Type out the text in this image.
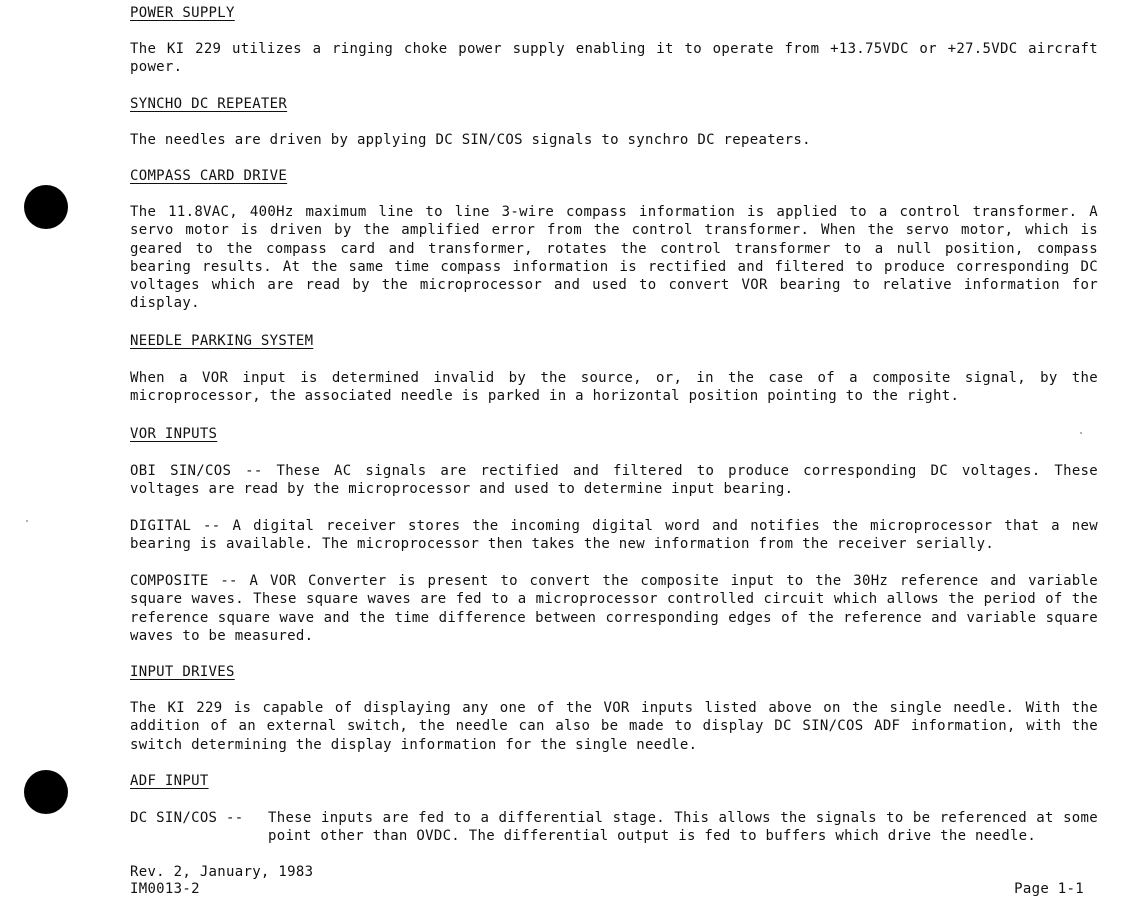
POWER SUPPLY
The KI 229 utilizes a ringing choke power supply enabling it to operate from +13.75VDC or +27.5VDC aircraft power.
SYNCHO DC REPEATER
The needles are driven by applying DC SIN/COS signals to synchro DC repeaters.
COMPASS CARD DRIVE
The 11.8VAC, 400Hz maximum line to line 3-wire compass information is applied to a control transformer. A servo motor is driven by the amplified error from the control transformer. When the servo motor, which is geared to the compass card and transformer, rotates the control transformer to a null position, compass bearing results. At the same time compass information is rectified and filtered to produce corresponding DC voltages which are read by the microprocessor and used to convert VOR bearing to relative information for display.
NEEDLE PARKING SYSTEM
When a VOR input is determined invalid by the source, or, in the case of a composite signal, by the microprocessor, the associated needle is parked in a horizontal position pointing to the right.
VOR INPUTS
OBI SIN/COS -- These AC signals are rectified and filtered to produce corresponding DC voltages. These voltages are read by the microprocessor and used to determine input bearing.
DIGITAL -- A digital receiver stores the incoming digital word and notifies the microprocessor that a new bearing is available. The microprocessor then takes the new information from the receiver serially.
COMPOSITE -- A VOR Converter is present to convert the composite input to the 30Hz reference and variable square waves. These square waves are fed to a microprocessor controlled circuit which allows the period of the reference square wave and the time difference between corresponding edges of the reference and variable square waves to be measured.
INPUT DRIVES
The KI 229 is capable of displaying any one of the VOR inputs listed above on the single needle. With the addition of an external switch, the needle can also be made to display DC SIN/COS ADF information, with the switch determining the display information for the single needle.
ADF INPUT
DC SIN/COS -- These inputs are fed to a differential stage. This allows the signals to be referenced at some point other than OVDC. The differential output is fed to buffers which drive the needle.
Rev. 2, January, 1983
IM0013-2	Page 1-1
